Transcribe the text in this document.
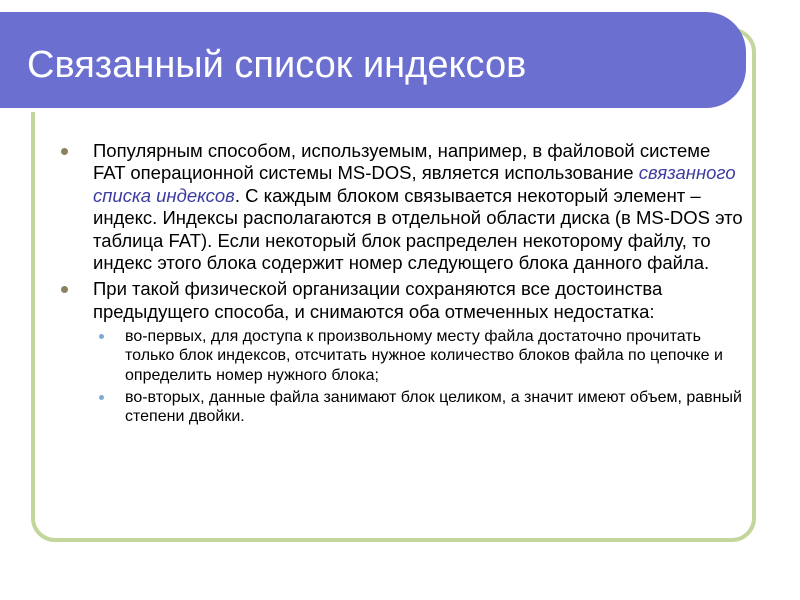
Связанный список индексов
Популярным способом, используемым, например, в файловой системе FAT операционной системы MS-DOS, является использование связанного списка индексов. С каждым блоком связывается некоторый элемент – индекс. Индексы располагаются в отдельной области диска (в MS-DOS это таблица FAT). Если некоторый блок распределен некоторому файлу, то индекс этого блока содержит номер следующего блока данного файла.
При такой физической организации сохраняются все достоинства предыдущего способа, и снимаются оба отмеченных недостатка:
во-первых, для доступа к произвольному месту файла достаточно прочитать только блок индексов, отсчитать нужное количество блоков файла по цепочке и определить номер нужного блока;
во-вторых, данные файла занимают блок целиком, а значит имеют объем, равный степени двойки.
